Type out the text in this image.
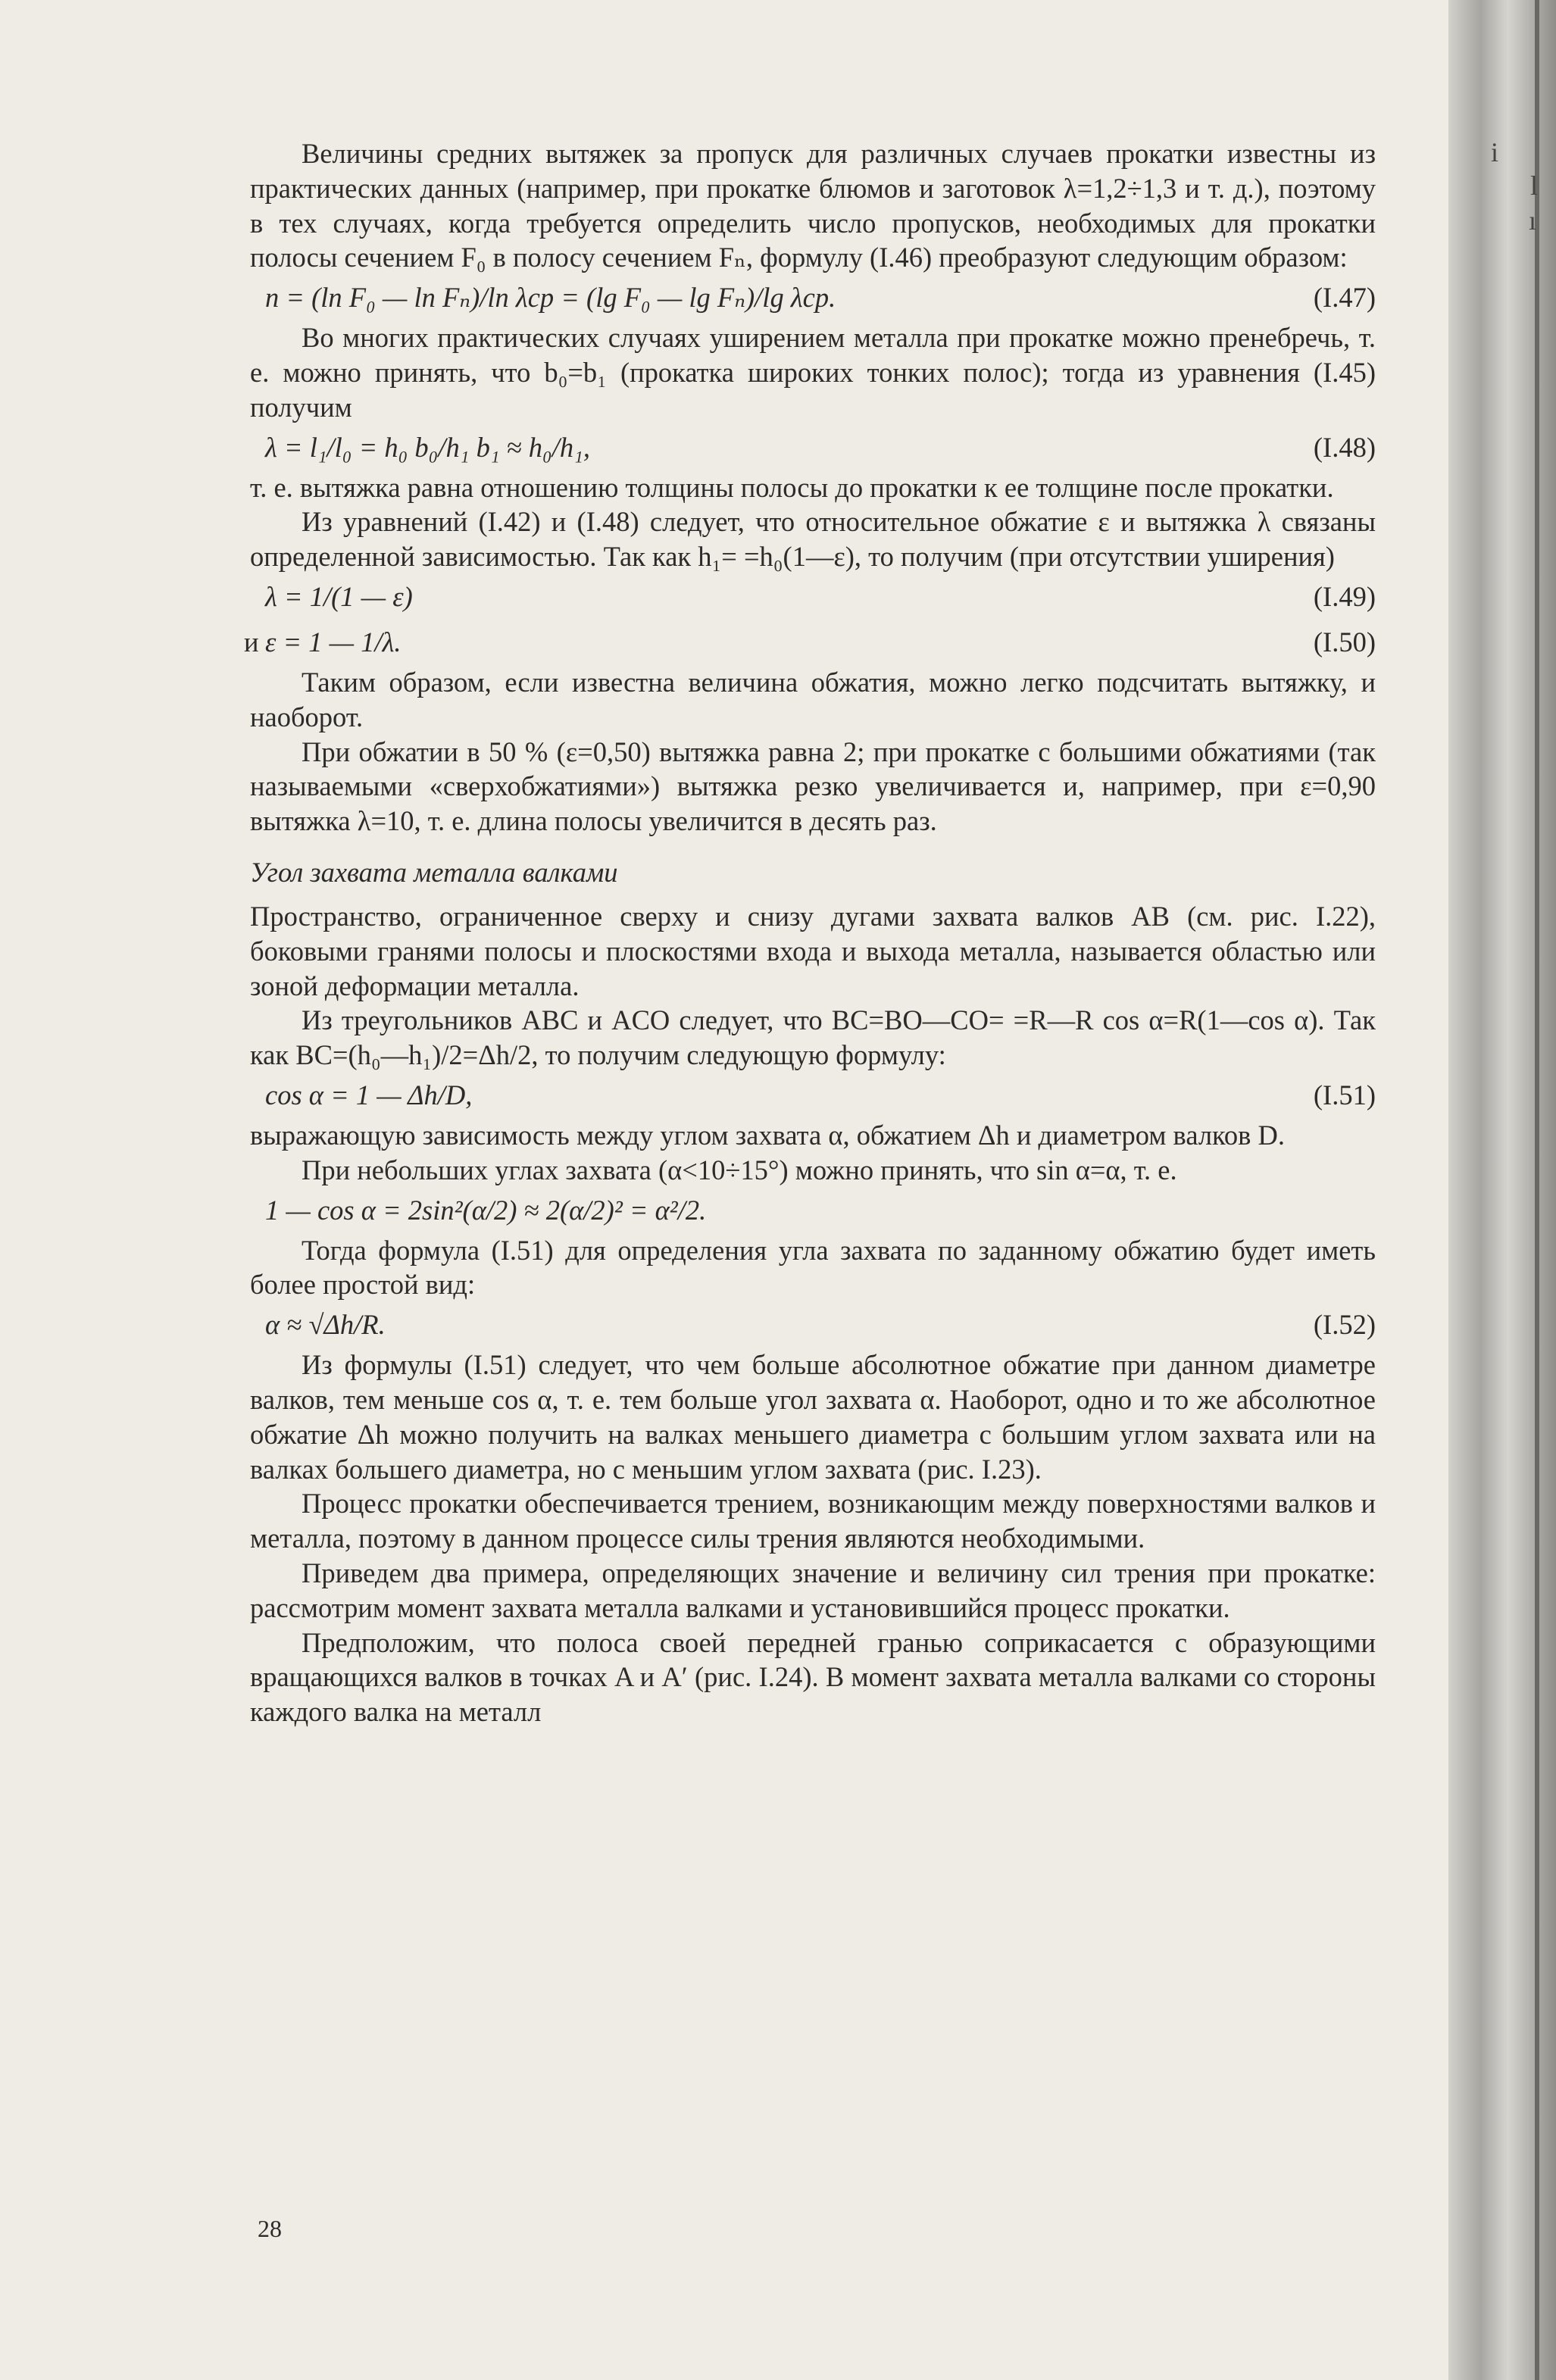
i
l
ı

Величины средних вытяжек за пропуск для различных случаев прокатки известны из практических данных (например, при прокатке блюмов и заготовок λ=1,2÷1,3 и т. д.), поэтому в тех случаях, когда требуется определить число пропусков, необходимых для прокатки полосы сечением F₀ в полосу сечением Fₙ, формулу (I.46) преобразуют следующим образом:

n = (ln F₀ — ln Fₙ)/ln λср = (lg F₀ — lg Fₙ)/lg λср.	(I.47)

Во многих практических случаях уширением металла при прокатке можно пренебречь, т. е. можно принять, что b₀=b₁ (прокатка широких тонких полос); тогда из уравнения (I.45) получим

λ = l₁/l₀ = h₀ b₀/h₁ b₁ ≈ h₀/h₁,	(I.48)

т. е. вытяжка равна отношению толщины полосы до прокатки к ее толщине после прокатки.

Из уравнений (I.42) и (I.48) следует, что относительное обжатие ε и вытяжка λ связаны определенной зависимостью. Так как h₁= =h₀(1—ε), то получим (при отсутствии уширения)

λ = 1/(1 — ε)	(I.49)
и ε = 1 — 1/λ.	(I.50)

Таким образом, если известна величина обжатия, можно легко подсчитать вытяжку, и наоборот.

При обжатии в 50 % (ε=0,50) вытяжка равна 2; при прокатке с большими обжатиями (так называемыми «сверхобжатиями») вытяжка резко увеличивается и, например, при ε=0,90 вытяжка λ=10, т. е. длина полосы увеличится в десять раз.

Угол захвата металла валками

Пространство, ограниченное сверху и снизу дугами захвата валков AB (см. рис. I.22), боковыми гранями полосы и плоскостями входа и выхода металла, называется областью или зоной деформации металла.

Из треугольников ABC и ACO следует, что BC=BO—CO= =R—R cos α=R(1—cos α). Так как BC=(h₀—h₁)/2=Δh/2, то получим следующую формулу:

cos α = 1 — Δh/D,	(I.51)

выражающую зависимость между углом захвата α, обжатием Δh и диаметром валков D.

При небольших углах захвата (α<10÷15°) можно принять, что sin α=α, т. е.

1 — cos α = 2sin²(α/2) ≈ 2(α/2)² = α²/2.

Тогда формула (I.51) для определения угла захвата по заданному обжатию будет иметь более простой вид:

α ≈ √Δh/R.	(I.52)

Из формулы (I.51) следует, что чем больше абсолютное обжатие при данном диаметре валков, тем меньше cos α, т. е. тем больше угол захвата α. Наоборот, одно и то же абсолютное обжатие Δh можно получить на валках меньшего диаметра с большим углом захвата или на валках большего диаметра, но с меньшим углом захвата (рис. I.23).

Процесс прокатки обеспечивается трением, возникающим между поверхностями валков и металла, поэтому в данном процессе силы трения являются необходимыми.

Приведем два примера, определяющих значение и величину сил трения при прокатке: рассмотрим момент захвата металла валками и установившийся процесс прокатки.

Предположим, что полоса своей передней гранью соприкасается с образующими вращающихся валков в точках A и A′ (рис. I.24). В момент захвата металла валками со стороны каждого валка на металл

28
